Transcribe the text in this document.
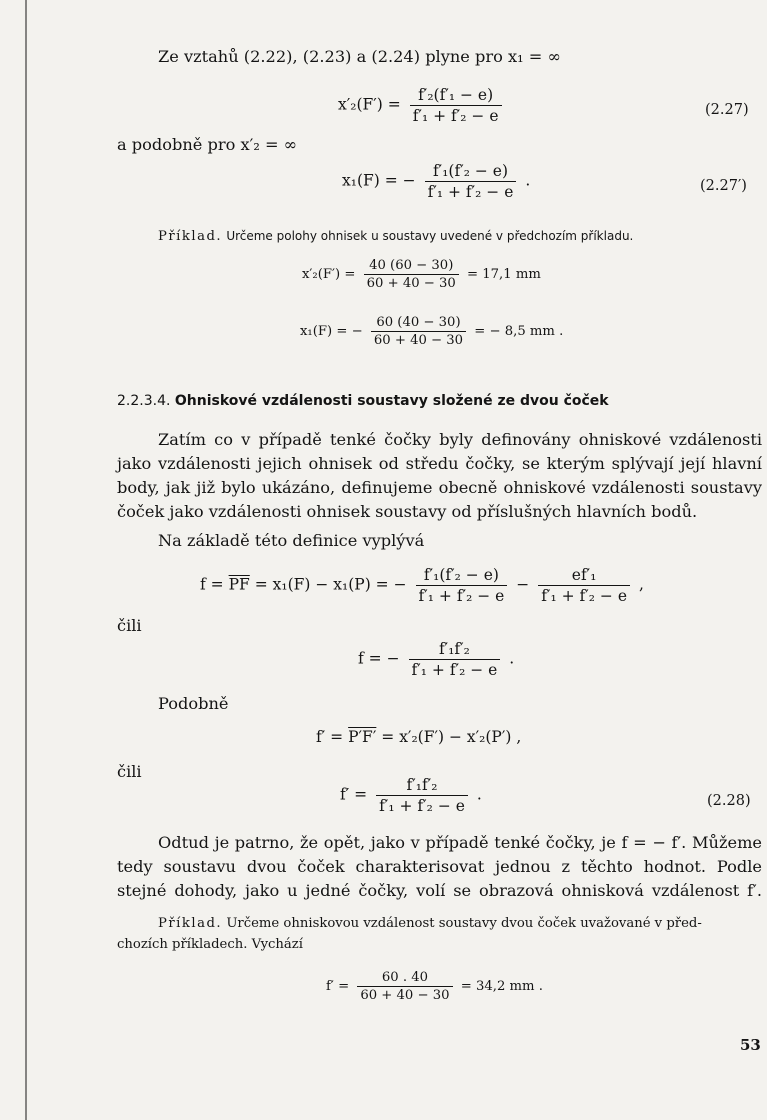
Ze vztahů (2.22), (2.23) a (2.24) plyne pro x₁ = ∞
$x'_2(F') = \frac{\text{f′₂(f′₁ − e)}}{\text{f′₁ + f′₂ − e}}$	(2.27)
a podobně pro x′₂ = ∞
x₁(F) = − $\frac{\text{f′₁(f′₂ − e)}}{\text{f′₁ + f′₂ − e}}$ .	(2.27′)
Příklad. Určeme polohy ohnisek u soustavy uvedené v předchozím příkladu.
$x'_2(F') = \frac{40 (60 - 30)}{60 + 40 - 30} = 17,1$ mm
x₁(F) = − $\frac{60 (40 - 30)}{60 + 40 - 30}$ = − 8,5 mm .
2.2.3.4. Ohniskové vzdálenosti soustavy složené ze dvou čoček
Zatím co v případě tenké čočky byly definovány ohniskové vzdálenosti
jako vzdálenosti jejich ohnisek od středu čočky, se kterým splývají její hlavní
body, jak již bylo ukázáno, definujeme obecně ohniskové vzdálenosti soustavy
čoček jako vzdálenosti ohnisek soustavy od příslušných hlavních bodů.
Na základě této definice vyplývá
$f = \overline{PF} = x_1(F) - x_1(P)$ = − $\frac{\text{f′₁(f′₂ − e)}}{\text{f′₁ + f′₂ − e}} - \frac{\text{ef′₁}}{\text{f′₁ + f′₂ − e}}$ ,
čili
f = − $\frac{\text{f′₁f′₂}}{\text{f′₁ + f′₂ − e}}$ .
Podobně
f′ = P′F′ = x′₂(F′) − x′₂(P′) ,
čili
$f' = \frac{\text{f′₁f′₂}}{\text{f′₁ + f′₂ − e}}$ .	(2.28)
Odtud je patrno, že opět, jako v případě tenké čočky, je f = − f′. Můžeme
tedy soustavu dvou čoček charakterisovat jednou z těchto hodnot. Podle
stejné dohody, jako u jedné čočky, volí se obrazová ohnisková vzdálenost f′.
Příklad. Určeme ohniskovou vzdálenost soustavy dvou čoček uvažované v před-
chozích příkladech. Vychází
$f' = \frac{60 . 40}{60 + 40 - 30} = 34,2$ mm .
53
